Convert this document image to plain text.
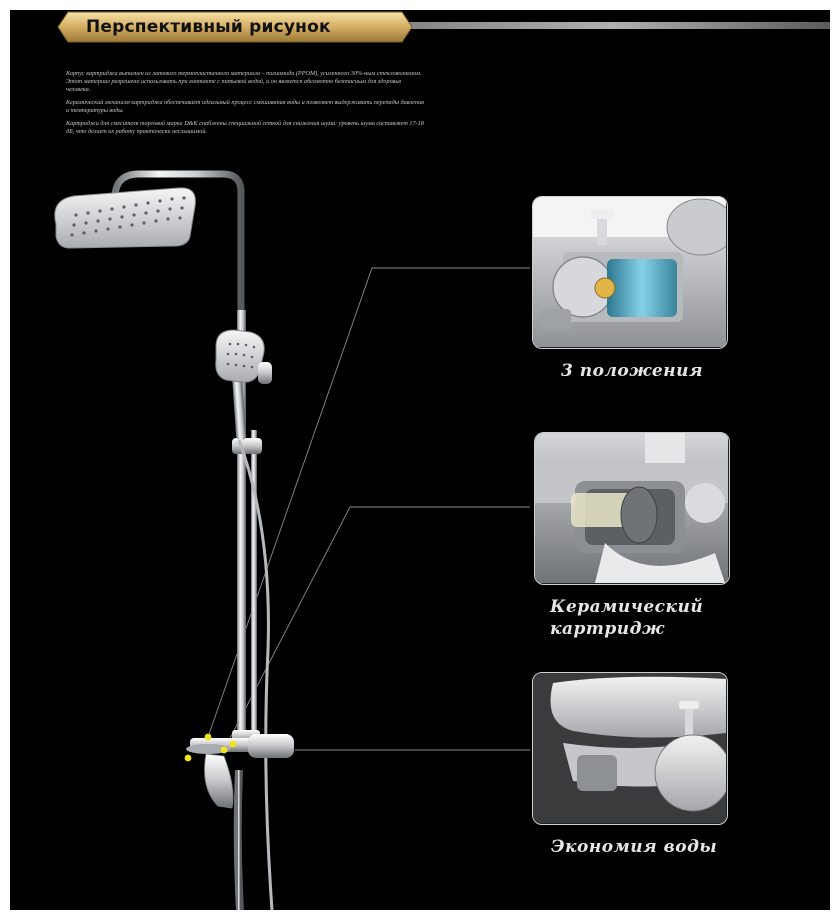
Перспективный рисунок

Корпус картриджа выполнен из латевого термопластичного материала – полиамида (PPOM), усиленного 30%-ным стекловолокном. Этот материал разрешено использовать при контакте с питьевой водой, и он является абсолютно безопасным для здоровья человека.

Керамический механизм картриджа обеспечивает идеальный процесс смешивания воды и позволяет выдерживать перепады давления и температуры воды.

Картриджи для смесителя торговой марки D&K снабжены специальной сеткой для снижения шума: уровень шума составляет 17-18 дБ, что делает их работу практически неслышимой.

3 положения
Керамический
картридж
Экономия воды
